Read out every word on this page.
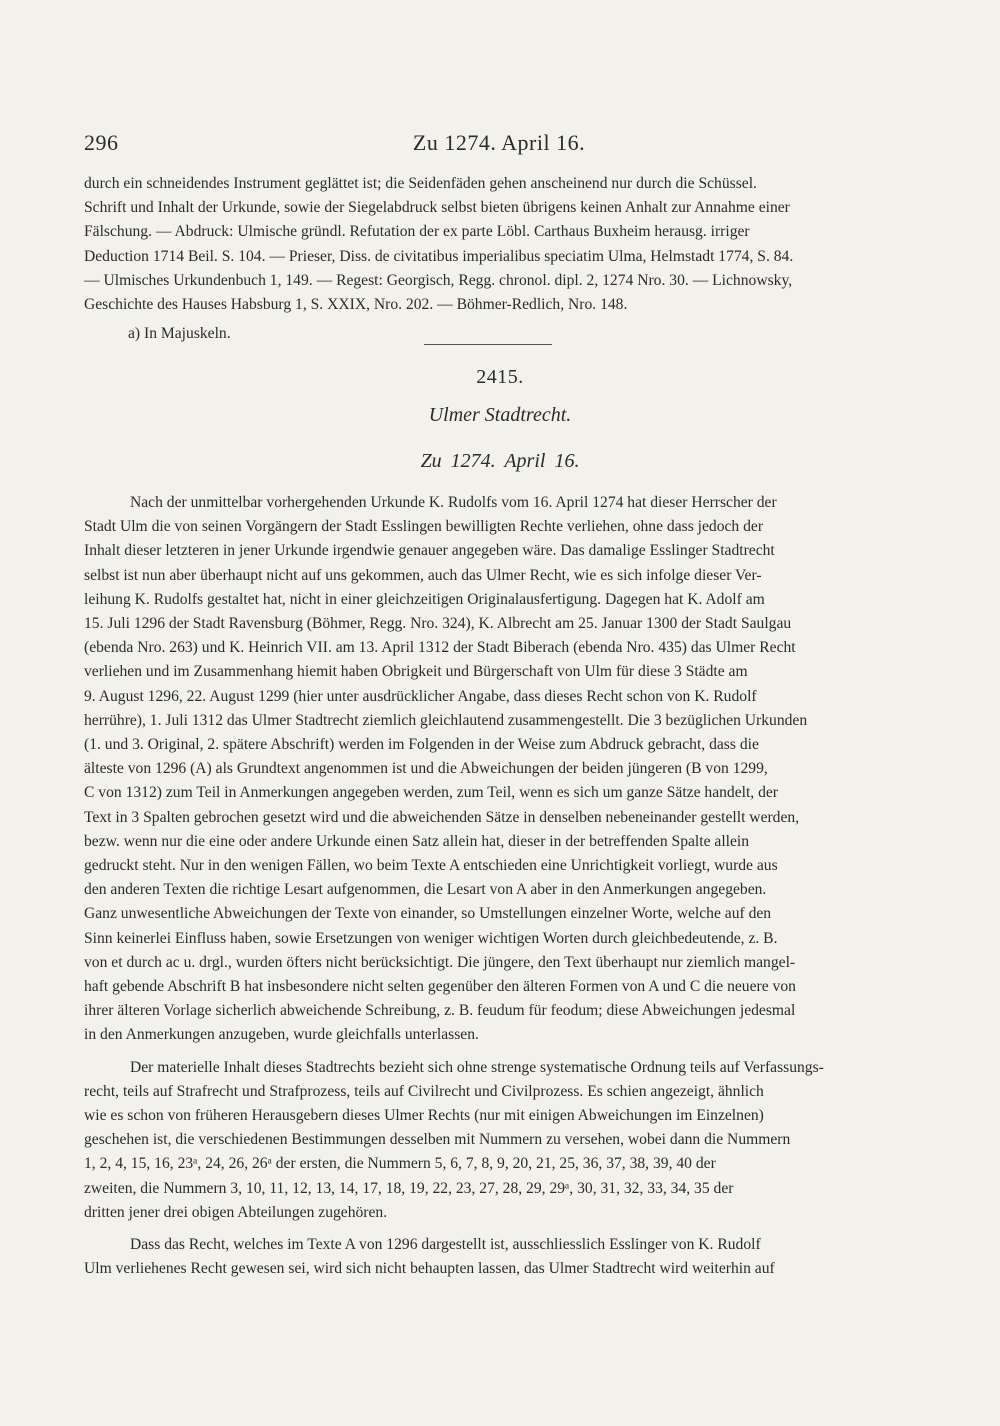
296	Zu 1274. April 16.
durch ein schneidendes Instrument geglättet ist; die Seidenfäden gehen anscheinend nur durch die Schüssel.
Schrift und Inhalt der Urkunde, sowie der Siegelabdruck selbst bieten übrigens keinen Anhalt zur Annahme einer
Fälschung. — Abdruck: Ulmische gründl. Refutation der ex parte Löbl. Carthaus Buxheim herausg. irriger
Deduction 1714 Beil. S. 104. — Prieser, Diss. de civitatibus imperialibus speciatim Ulma, Helmstadt 1774, S. 84.
— Ulmisches Urkundenbuch 1, 149. — Regest: Georgisch, Regg. chronol. dipl. 2, 1274 Nro. 30. — Lichnowsky,
Geschichte des Hauses Habsburg 1, S. XXIX, Nro. 202. — Böhmer-Redlich, Nro. 148.
a) In Majuskeln.
2415.
Ulmer Stadtrecht.
Zu 1274. April 16.
Nach der unmittelbar vorhergehenden Urkunde K. Rudolfs vom 16. April 1274 hat dieser Herrscher der
Stadt Ulm die von seinen Vorgängern der Stadt Esslingen bewilligten Rechte verliehen, ohne dass jedoch der
Inhalt dieser letzteren in jener Urkunde irgendwie genauer angegeben wäre. Das damalige Esslinger Stadtrecht
selbst ist nun aber überhaupt nicht auf uns gekommen, auch das Ulmer Recht, wie es sich infolge dieser Ver-
leihung K. Rudolfs gestaltet hat, nicht in einer gleichzeitigen Originalausfertigung. Dagegen hat K. Adolf am
15. Juli 1296 der Stadt Ravensburg (Böhmer, Regg. Nro. 324), K. Albrecht am 25. Januar 1300 der Stadt Saulgau
(ebenda Nro. 263) und K. Heinrich VII. am 13. April 1312 der Stadt Biberach (ebenda Nro. 435) das Ulmer Recht
verliehen und im Zusammenhang hiemit haben Obrigkeit und Bürgerschaft von Ulm für diese 3 Städte am
9. August 1296, 22. August 1299 (hier unter ausdrücklicher Angabe, dass dieses Recht schon von K. Rudolf
herrühre), 1. Juli 1312 das Ulmer Stadtrecht ziemlich gleichlautend zusammengestellt. Die 3 bezüglichen Urkunden
(1. und 3. Original, 2. spätere Abschrift) werden im Folgenden in der Weise zum Abdruck gebracht, dass die
älteste von 1296 (A) als Grundtext angenommen ist und die Abweichungen der beiden jüngeren (B von 1299,
C von 1312) zum Teil in Anmerkungen angegeben werden, zum Teil, wenn es sich um ganze Sätze handelt, der
Text in 3 Spalten gebrochen gesetzt wird und die abweichenden Sätze in denselben nebeneinander gestellt werden,
bezw. wenn nur die eine oder andere Urkunde einen Satz allein hat, dieser in der betreffenden Spalte allein
gedruckt steht. Nur in den wenigen Fällen, wo beim Texte A entschieden eine Unrichtigkeit vorliegt, wurde aus
den anderen Texten die richtige Lesart aufgenommen, die Lesart von A aber in den Anmerkungen angegeben.
Ganz unwesentliche Abweichungen der Texte von einander, so Umstellungen einzelner Worte, welche auf den
Sinn keinerlei Einfluss haben, sowie Ersetzungen von weniger wichtigen Worten durch gleichbedeutende, z. B.
von et durch ac u. drgl., wurden öfters nicht berücksichtigt. Die jüngere, den Text überhaupt nur ziemlich mangel-
haft gebende Abschrift B hat insbesondere nicht selten gegenüber den älteren Formen von A und C die neuere von
ihrer älteren Vorlage sicherlich abweichende Schreibung, z. B. feudum für feodum; diese Abweichungen jedesmal
in den Anmerkungen anzugeben, wurde gleichfalls unterlassen.
Der materielle Inhalt dieses Stadtrechts bezieht sich ohne strenge systematische Ordnung teils auf Verfassungs-
recht, teils auf Strafrecht und Strafprozess, teils auf Civilrecht und Civilprozess. Es schien angezeigt, ähnlich
wie es schon von früheren Herausgebern dieses Ulmer Rechts (nur mit einigen Abweichungen im Einzelnen)
geschehen ist, die verschiedenen Bestimmungen desselben mit Nummern zu versehen, wobei dann die Nummern
1, 2, 4, 15, 16, 23ᵃ, 24, 26, 26ᵃ der ersten, die Nummern 5, 6, 7, 8, 9, 20, 21, 25, 36, 37, 38, 39, 40 der
zweiten, die Nummern 3, 10, 11, 12, 13, 14, 17, 18, 19, 22, 23, 27, 28, 29, 29ᵃ, 30, 31, 32, 33, 34, 35 der
dritten jener drei obigen Abteilungen zugehören.
Dass das Recht, welches im Texte A von 1296 dargestellt ist, ausschliesslich Esslinger von K. Rudolf
Ulm verliehenes Recht gewesen sei, wird sich nicht behaupten lassen, das Ulmer Stadtrecht wird weiterhin auf
